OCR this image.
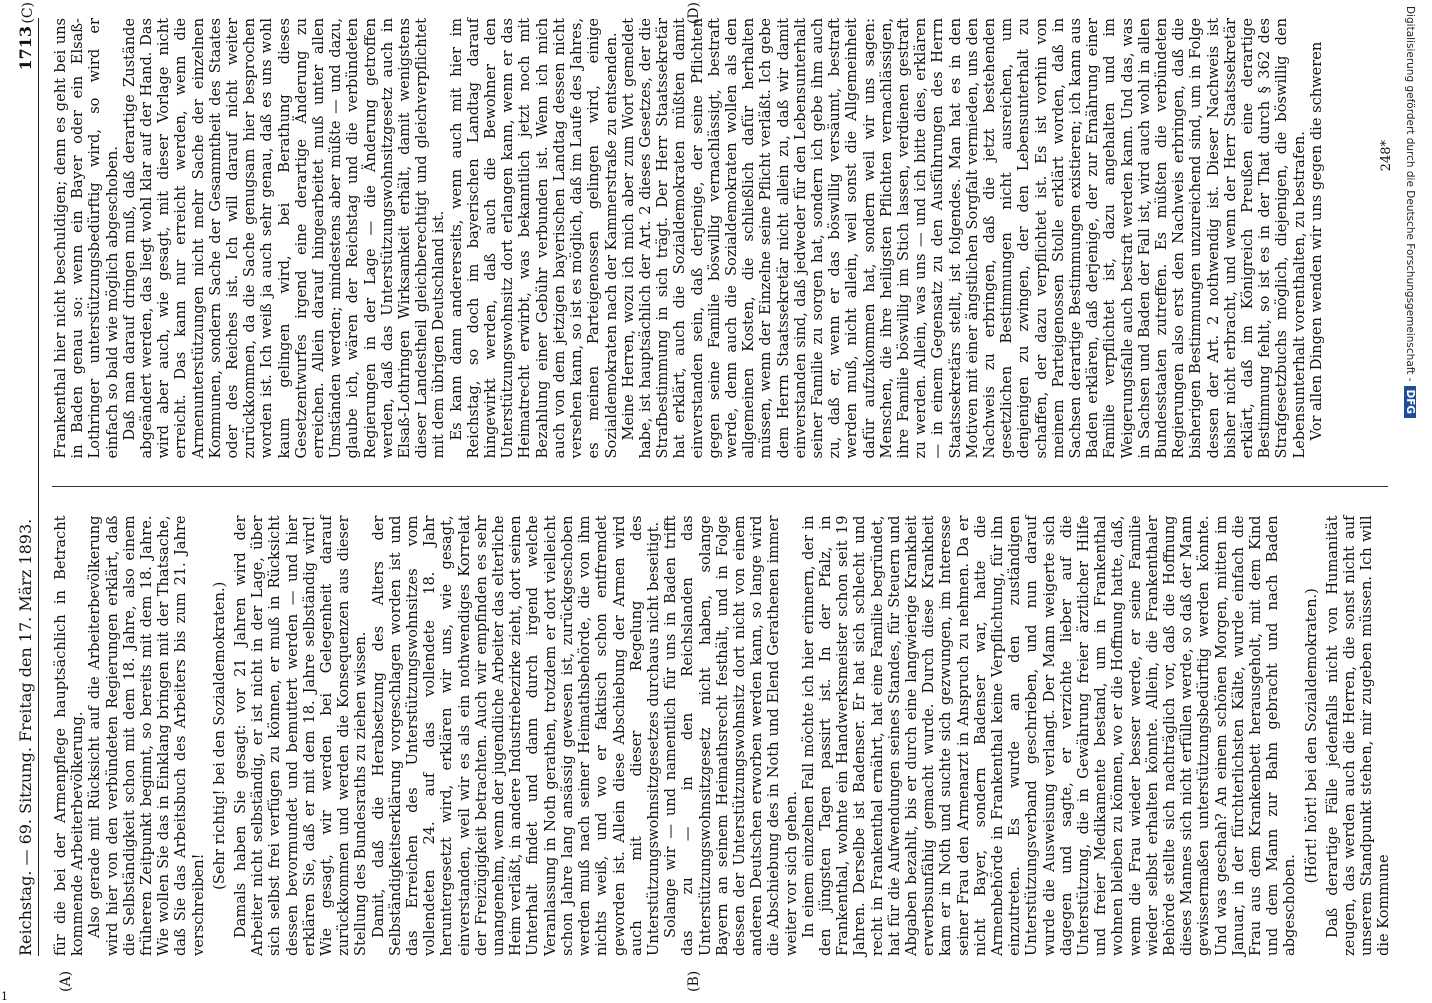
Reichstag. — 69. Sitzung. Freitag den 17. März 1893.
1713
(A)	(B)
(C)	(D)

für die bei der Armenpflege hauptsächlich in Betracht kommende Arbeiterbevölkerung. Also gerade mit Rücksicht auf die Arbeiterbevölkerung wird hier von den verbündeten Regierungen erklärt, daß die Selbständigkeit schon mit dem 18. Jahre, also einem früheren Zeitpunkt beginnt, so bereits mit dem 18. Jahre. Wie wollen Sie das in Einklang bringen mit der Thatsache, daß Sie das Arbeitsbuch des Arbeiters bis zum 21. Jahre verschreiben!

(Sehr richtig! bei den Sozialdemokraten.) Damals haben Sie gesagt: vor 21 Jahren wird der Arbeiter nicht selbständig, er ist nicht in der Lage, über sich selbst frei verfügen zu können, er muß in Rücksicht dessen bevormundet und bemuttert werden — und hier erklären Sie, daß er mit dem 18. Jahre selbständig wird! Wie gesagt, wir werden bei Gelegenheit darauf zurückkommen und werden die Konsequenzen aus dieser Stellung des Bundesraths zu ziehen wissen. Damit, daß die Herabsetzung des Alters der Selbständigkeitserklärung vorgeschlagen worden ist und das Erreichen des Unterstützungswohnsitzes vom vollendeten 24. auf das vollendete 18. Jahr heruntergesetzt wird, erklären wir uns, wie gesagt, einverstanden, weil wir es als ein nothwendiges Korrelat der Freizügigkeit betrachten. Auch wir empfinden es sehr unangenehm, wenn der jugendliche Arbeiter das elterliche Heim verläßt, in andere Industriebezirke zieht, dort seinen Unterhalt findet und dann durch irgend welche Veranlassung in Noth gerathen, trotzdem er dort vielleicht schon Jahre lang ansässig gewesen ist, zurückgeschoben werden muß nach seiner Heimathsbehörde, die von ihm nichts weiß, und wo er faktisch schon entfremdet geworden ist. Allein diese Abschiebung der Armen wird auch mit dieser Regelung des Unterstützungswohnsitzgesetzes durchaus nicht beseitigt. Solange wir — und namentlich für uns in Baden trifft das zu — in den Reichslanden das Unterstützungswohnsitzgesetz nicht haben, solange Bayern an seinem Heimathsrecht festhält, und in Folge dessen der Unterstützungswohnsitz dort nicht von einem anderen Deutschen erworben werden kann, so lange wird die Abschiebung des in Noth und Elend Gerathenen immer weiter vor sich gehen. In einem einzelnen Fall möchte ich hier erinnern, der in den jüngsten Tagen passirt ist. In der Pfalz, in Frankenthal, wohnte ein Handwerksmeister schon seit 19 Jahren. Derselbe ist Badenser. Er hat sich schlecht und recht in Frankenthal ernährt, hat eine Familie begründet, hat für die Aufwendungen seines Standes, für Steuern und Abgaben bezahlt, bis er durch eine langwierige Krankheit erwerbsunfähig gemacht wurde. Durch diese Krankheit kam er in Noth und suchte sich gezwungen, im Interesse seiner Frau den Armenarzt in Anspruch zu nehmen. Da er nicht Bayer, sondern Badenser war, hatte die Armenbehörde in Frankenthal keine Verpflichtung, für ihn einzutreten. Es wurde an den zuständigen Unterstützungsverband geschrieben, und nun darauf wurde die Ausweisung verlangt. Der Mann weigerte sich dagegen und sagte, er verzichte lieber auf die Unterstützung, die in Gewährung freier ärztlicher Hilfe und freier Medikamente bestand, um in Frankenthal wohnen bleiben zu können, wo er die Hoffnung hatte, daß, wenn die Frau wieder besser werde, er seine Familie wieder selbst erhalten könnte. Allein, die Frankenthaler Behörde stellte sich nachträglich vor, daß die Hoffnung dieses Mannes sich nicht erfüllen werde, so daß der Mann gewissermaßen unterstützungsbedürftig werden könnte. Und was geschah? An einem schönen Morgen, mitten im Januar, in der fürchterlichsten Kälte, wurde einfach die Frau aus dem Krankenbett herausgeholt, mit dem Kind und dem Mann zur Bahn gebracht und nach Baden abgeschoben.

(Hört! hört! bei den Sozialdemokraten.) Daß derartige Fälle jedenfalls nicht von Humanität zeugen, das werden auch die Herren, die sonst nicht auf unserem Standpunkt stehen, mir zugeben müssen. Ich will die Kommune

Frankenthal hier nicht beschuldigen; denn es geht bei uns in Baden genau so: wenn ein Bayer oder ein Elsaß-Lothringer unterstützungsbedürftig wird, so wird er einfach so bald wie möglich abgeschoben. Daß man darauf dringen muß, daß derartige Zustände abgeändert werden, das liegt wohl klar auf der Hand. Das wird aber auch, wie gesagt, mit dieser Vorlage nicht erreicht. Das kann nur erreicht werden, wenn die Armenunterstützungen nicht mehr Sache der einzelnen Kommunen, sondern Sache der Gesammtheit des Staates oder des Reiches ist. Ich will darauf nicht weiter zurückkommen, da die Sache genugsam hier besprochen worden ist. Ich weiß ja auch sehr genau, daß es uns wohl kaum gelingen wird, bei Berathung dieses Gesetzentwurfes irgend eine derartige Änderung zu erreichen. Allein darauf hingearbeitet muß unter allen Umständen werden; mindestens aber müßte — und dazu, glaube ich, wären der Reichstag und die verbündeten Regierungen in der Lage — die Änderung getroffen werden, daß das Unterstützungswohnsitzgesetz auch in Elsaß-Lothringen Wirksamkeit erhält, damit wenigstens dieser Landestheil gleichberechtigt und gleichverpflichtet mit dem übrigen Deutschland ist. Es kann dann andererseits, wenn auch mit hier im Reichstag, so doch im bayerischen Landtag darauf hingewirkt werden, daß auch die Bewohner den Unterstützungswohnsitz dort erlangen kann, wenn er das Heimatrecht erwirbt, was bekanntlich jetzt noch mit Bezahlung einer Gebühr verbunden ist. Wenn ich mich auch von dem jetzigen bayerischen Landtag dessen nicht versehen kann, so ist es möglich, daß im Laufe des Jahres, es meinen Parteigenossen gelingen wird, einige Sozialdemokraten nach der Kammerstraße zu entsenden. Meine Herren, wozu ich mich aber zum Wort gemeldet habe, ist hauptsächlich der Art. 2 dieses Gesetzes, der die Strafbestimmung in sich trägt. Der Herr Staatssekretär hat erklärt, auch die Sozialdemokraten müßten damit einverstanden sein, daß derjenige, der seine Pflichten gegen seine Familie böswillig vernachlässigt, bestraft werde, denn auch die Sozialdemokraten wollen als den allgemeinen Kosten, die schließlich dafür herhalten müssen, wenn der Einzelne seine Pflicht verläßt. Ich gebe dem Herrn Staatssekretär nicht allein zu, daß wir damit einverstanden sind, daß jedweder für den Lebensunterhalt seiner Familie zu sorgen hat, sondern ich gebe ihm auch zu, daß er, wenn er das böswillig versäumt, bestraft werden muß, nicht allein, weil sonst die Allgemeinheit dafür aufzukommen hat, sondern weil wir uns sagen: Menschen, die ihre heiligsten Pflichten vernachlässigen, ihre Familie böswillig im Stich lassen, verdienen gestraft zu werden. Allein, was uns — und ich bitte dies, erklären — in einem Gegensatz zu den Ausführungen des Herrn Staatssekretärs stellt, ist folgendes. Man hat es in den Motiven mit einer ängstlichen Sorgfalt vermieden, uns den Nachweis zu erbringen, daß die jetzt bestehenden gesetzlichen Bestimmungen nicht ausreichen, um denjenigen zu zwingen, der den Lebensunterhalt zu schaffen, der dazu verpflichtet ist. Es ist vorhin von meinem Parteigenossen Stolle erklärt worden, daß in Sachsen derartige Bestimmungen existieren; ich kann aus Baden erklären, daß derjenige, der zur Ernährung einer Familie verpflichtet ist, dazu angehalten und im Weigerungsfalle auch bestraft werden kann. Und das, was in Sachsen und Baden der Fall ist, wird auch wohl in allen Bundesstaaten zutreffen. Es müßten die verbündeten Regierungen also erst den Nachweis erbringen, daß die bisherigen Bestimmungen unzureichend sind, um in Folge dessen der Art. 2 nothwendig ist. Dieser Nachweis ist bisher nicht erbracht, und wenn der Herr Staatssekretär erklärt, daß im Königreich Preußen eine derartige Bestimmung fehlt, so ist es in der That durch § 362 des Strafgesetzbuchs möglich, diejenigen, die böswillig den Lebensunterhalt vorenthalten, zu bestrafen. Vor allen Dingen wenden wir uns gegen die schweren	248*
1
Digitalisierung gefördert durch die Deutsche Forschungsgemeinschaft -DFG
